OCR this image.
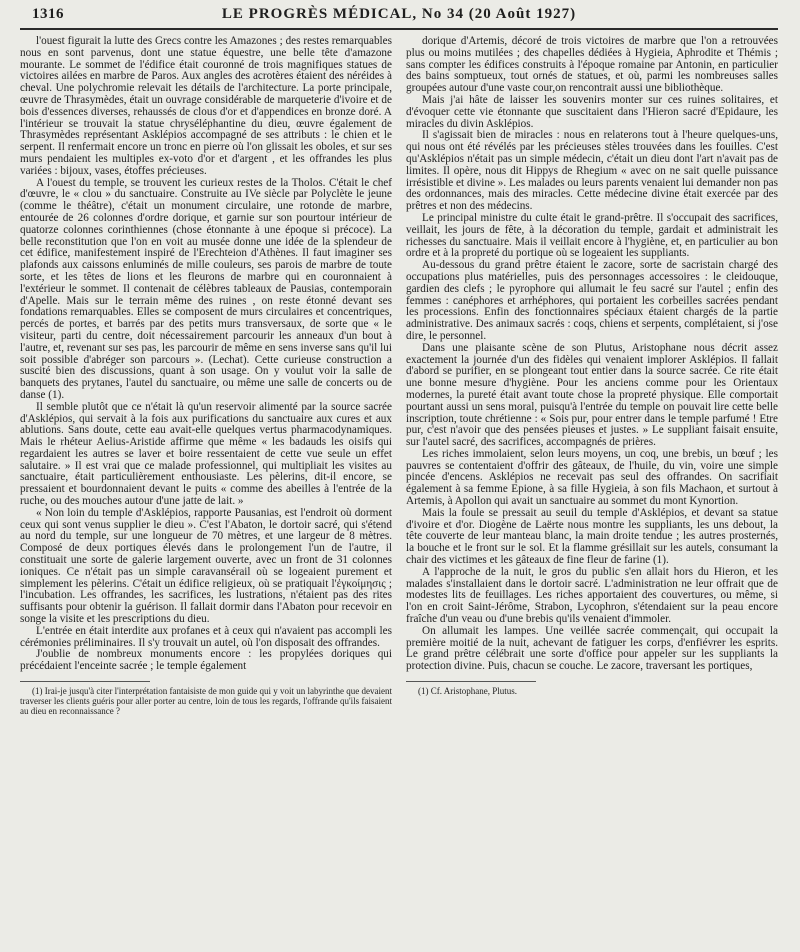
1316	LE PROGRÈS MÉDICAL, No 34 (20 Août 1927)

l'ouest figurait la lutte des Grecs contre les Amazones ; des restes remarquables nous en sont parvenus, dont une statue équestre, une belle tête d'amazone mourante. Le sommet de l'édifice était couronné de trois magnifiques statues de victoires ailées en marbre de Paros. Aux angles des acrotères étaient des néréides à cheval. Une polychromie relevait les détails de l'architecture. La porte principale, œuvre de Thrasymèdes, était un ouvrage considérable de marqueterie d'ivoire et de bois d'essences diverses, rehaussés de clous d'or et d'appendices en bronze doré. A l'intérieur se trouvait la statue chryséléphantine du dieu, œuvre également de Thrasymèdes représentant Asklépios accompagné de ses attributs : le chien et le serpent. Il renfermait encore un tronc en pierre où l'on glissait les oboles, et sur ses murs pendaient les multiples ex-voto d'or et d'argent , et les offrandes les plus variées : bijoux, vases, étoffes précieuses.

A l'ouest du temple, se trouvent les curieux restes de la Tholos. C'était le chef d'œuvre, le « clou » du sanctuaire. Construite au IVe siècle par Polyclète le jeune (comme le théâtre), c'était un monument circulaire, une rotonde de marbre, entourée de 26 colonnes d'ordre dorique, et garnie sur son pourtour intérieur de quatorze colonnes corinthiennes (chose étonnante à une époque si précoce). La belle reconstitution que l'on en voit au musée donne une idée de la splendeur de cet édifice, manifestement inspiré de l'Erechteion d'Athènes. Il faut imaginer ses plafonds aux caissons enluminés de mille couleurs, ses parois de marbre de toute sorte, et les têtes de lions et les fleurons de marbre qui en couronnaient à l'extérieur le sommet. Il contenait de célèbres tableaux de Pausias, contemporain d'Apelle. Mais sur le terrain même des ruines , on reste étonné devant ses fondations remarquables. Elles se composent de murs circulaires et concentriques, percés de portes, et barrés par des petits murs transversaux, de sorte que « le visiteur, parti du centre, doit nécessairement parcourir les anneaux d'un bout à l'autre, et, revenant sur ses pas, les parcourir de même en sens inverse sans qu'il lui soit possible d'abréger son parcours ». (Lechat). Cette curieuse construction a suscité bien des discussions, quant à son usage. On y voulut voir la salle de banquets des prytanes, l'autel du sanctuaire, ou même une salle de concerts ou de danse (1).

Il semble plutôt que ce n'était là qu'un reservoir alimenté par la source sacrée d'Asklépios, qui servait à la fois aux purifications du sanctuaire aux cures et aux ablutions. Sans doute, cette eau avait-elle quelques vertus pharmacodynamiques. Mais le rhéteur Aelius-Aristide affirme que même « les badauds les oisifs qui regardaient les autres se laver et boire ressentaient de cette vue seule un effet salutaire. » Il est vrai que ce malade professionnel, qui multipliait les visites au sanctuaire, était particulièrement enthousiaste. Les pèlerins, dit-il encore, se pressaient et bourdonnaient devant le puits « comme des abeilles à l'entrée de la ruche, ou des mouches autour d'une jatte de lait. »

« Non loin du temple d'Asklépios, rapporte Pausanias, est l'endroit où dorment ceux qui sont venus supplier le dieu ». C'est l'Abaton, le dortoir sacré, qui s'étend au nord du temple, sur une longueur de 70 mètres, et une largeur de 8 mètres. Composé de deux portiques élevés dans le prolongement l'un de l'autre, il constituait une sorte de galerie largement ouverte, avec un front de 31 colonnes ioniques. Ce n'était pas un simple caravansérail où se logeaient purement et simplement les pèlerins. C'était un édifice religieux, où se pratiquait l'ἐγκοίμησις ; l'incubation. Les offrandes, les sacrifices, les lustrations, n'étaient pas des rites suffisants pour obtenir la guérison. Il fallait dormir dans l'Abaton pour recevoir en songe la visite et les prescriptions du dieu.

L'entrée en était interdite aux profanes et à ceux qui n'avaient pas accompli les cérémonies préliminaires. Il s'y trouvait un autel, où l'on disposait des offrandes.

J'oublie de nombreux monuments encore : les propylées doriques qui précédaient l'enceinte sacrée ; le temple également

(1) Irai-je jusqu'à citer l'interprétation fantaisiste de mon guide qui y voit un labyrinthe que devaient traverser les clients guéris pour aller porter au centre, loin de tous les regards, l'offrande qu'ils faisaient au dieu en reconnaissance ?

dorique d'Artemis, décoré de trois victoires de marbre que l'on a retrouvées plus ou moins mutilées ; des chapelles dédiées à Hygieia, Aphrodite et Thémis ; sans compter les édifices construits à l'époque romaine par Antonin, en particulier des bains somptueux, tout ornés de statues, et où, parmi les nombreuses salles groupées autour d'une vaste cour,on rencontrait aussi une bibliothèque.

Mais j'ai hâte de laisser les souvenirs monter sur ces ruines solitaires, et d'évoquer cette vie étonnante que suscitaient dans l'Hieron sacré d'Epidaure, les miracles du divin Asklépios.

Il s'agissait bien de miracles : nous en relaterons tout à l'heure quelques-uns, qui nous ont été révélés par les précieuses stèles trouvées dans les fouilles. C'est qu'Asklépios n'était pas un simple médecin, c'était un dieu dont l'art n'avait pas de limites. Il opère, nous dit Hippys de Rhegium « avec on ne sait quelle puissance irrésistible et divine ». Les malades ou leurs parents venaient lui demander non pas des ordonnances, mais des miracles. Cette médecine divine était exercée par des prêtres et non des médecins.

Le principal ministre du culte était le grand-prêtre. Il s'occupait des sacrifices, veillait, les jours de fête, à la décoration du temple, gardait et administrait les richesses du sanctuaire. Mais il veillait encore à l'hygiène, et, en particulier au bon ordre et à la propreté du portique où se logeaient les suppliants.

Au-dessous du grand prêtre étaient le zacore, sorte de sacristain chargé des occupations plus matérielles, puis des personnages accessoires : le cleidouque, gardien des clefs ; le pyrophore qui allumait le feu sacré sur l'autel ; enfin des femmes : canéphores et arrhéphores, qui portaient les corbeilles sacrées pendant les processions. Enfin des fonctionnaires spéciaux étaient chargés de la partie administrative. Des animaux sacrés : coqs, chiens et serpents, complétaient, si j'ose dire, le personnel.

Dans une plaisante scène de son Plutus, Aristophane nous décrit assez exactement la journée d'un des fidèles qui venaient implorer Asklépios. Il fallait d'abord se purifier, en se plongeant tout entier dans la source sacrée. Ce rite était une bonne mesure d'hygiène. Pour les anciens comme pour les Orientaux modernes, la pureté était avant toute chose la propreté physique. Elle comportait pourtant aussi un sens moral, puisqu'à l'entrée du temple on pouvait lire cette belle inscription, toute chrétienne : « Sois pur, pour entrer dans le temple parfumé ! Etre pur, c'est n'avoir que des pensées pieuses et justes. » Le suppliant faisait ensuite, sur l'autel sacré, des sacrifices, accompagnés de prières.

Les riches immolaient, selon leurs moyens, un coq, une brebis, un bœuf ; les pauvres se contentaient d'offrir des gâteaux, de l'huile, du vin, voire une simple pincée d'encens. Asklépios ne recevait pas seul des offrandes. On sacrifiait également à sa femme Epione, à sa fille Hygieia, à son fils Machaon, et surtout à Artemis, à Apollon qui avait un sanctuaire au sommet du mont Kynortion.

Mais la foule se pressait au seuil du temple d'Asklépios, et devant sa statue d'ivoire et d'or. Diogène de Laërte nous montre les suppliants, les uns debout, la tête couverte de leur manteau blanc, la main droite tendue ; les autres prosternés, la bouche et le front sur le sol. Et la flamme grésillait sur les autels, consumant la chair des victimes et les gâteaux de fine fleur de farine (1).

A l'approche de la nuit, le gros du public s'en allait hors du Hieron, et les malades s'installaient dans le dortoir sacré. L'administration ne leur offrait que de modestes lits de feuillages. Les riches apportaient des couvertures, ou même, si l'on en croit Saint-Jérôme, Strabon, Lycophron, s'étendaient sur la peau encore fraîche d'un veau ou d'une brebis qu'ils venaient d'immoler.

On allumait les lampes. Une veillée sacrée commençait, qui occupait la première moitié de la nuit, achevant de fatiguer les corps, d'enfiévrer les esprits. Le grand prêtre célébrait une sorte d'office pour appeler sur les suppliants la protection divine. Puis, chacun se couche. Le zacore, traversant les portiques,

(1) Cf. Aristophane, Plutus.
